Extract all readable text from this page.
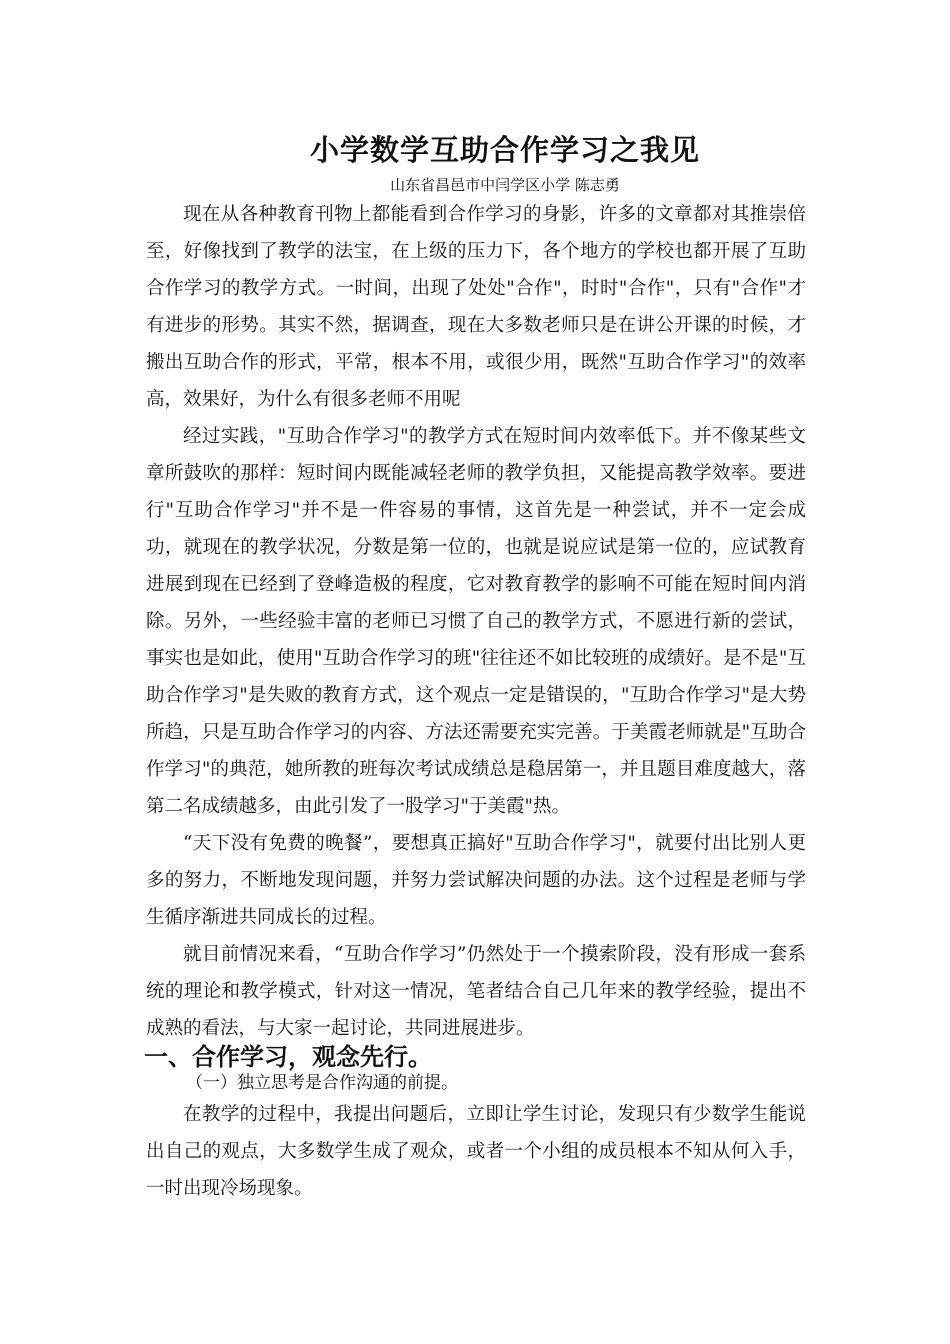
小学数学互助合作学习之我见
山东省昌邑市中闫学区小学 陈志勇

现在从各种教育刊物上都能看到合作学习的身影，许多的文章都对其推崇倍至，好像找到了教学的法宝，在上级的压力下，各个地方的学校也都开展了互助合作学习的教学方式。一时间，出现了处处"合作"，时时"合作"，只有"合作"才有进步的形势。其实不然，据调查，现在大多数老师只是在讲公开课的时候，才搬出互助合作的形式，平常，根本不用，或很少用，既然"互助合作学习"的效率高，效果好，为什么有很多老师不用呢

经过实践，"互助合作学习"的教学方式在短时间内效率低下。并不像某些文章所鼓吹的那样：短时间内既能减轻老师的教学负担，又能提高教学效率。要进行"互助合作学习"并不是一件容易的事情，这首先是一种尝试，并不一定会成功，就现在的教学状况，分数是第一位的，也就是说应试是第一位的，应试教育进展到现在已经到了登峰造极的程度，它对教育教学的影响不可能在短时间内消除。另外，一些经验丰富的老师已习惯了自己的教学方式，不愿进行新的尝试，事实也是如此，使用"互助合作学习的班"往往还不如比较班的成绩好。是不是"互助合作学习"是失败的教育方式，这个观点一定是错误的，"互助合作学习"是大势所趋，只是互助合作学习的内容、方法还需要充实完善。于美霞老师就是"互助合作学习"的典范，她所教的班每次考试成绩总是稳居第一，并且题目难度越大，落第二名成绩越多，由此引发了一股学习"于美霞"热。

“天下没有免费的晚餐”，要想真正搞好"互助合作学习"，就要付出比别人更多的努力，不断地发现问题，并努力尝试解决问题的办法。这个过程是老师与学生循序渐进共同成长的过程。

就目前情况来看，“互助合作学习”仍然处于一个摸索阶段，没有形成一套系统的理论和教学模式，针对这一情况，笔者结合自己几年来的教学经验，提出不成熟的看法，与大家一起讨论，共同进展进步。

一、合作学习，观念先行。
（一）独立思考是合作沟通的前提。

在教学的过程中，我提出问题后，立即让学生讨论，发现只有少数学生能说出自己的观点，大多数学生成了观众，或者一个小组的成员根本不知从何入手，一时出现冷场现象。
